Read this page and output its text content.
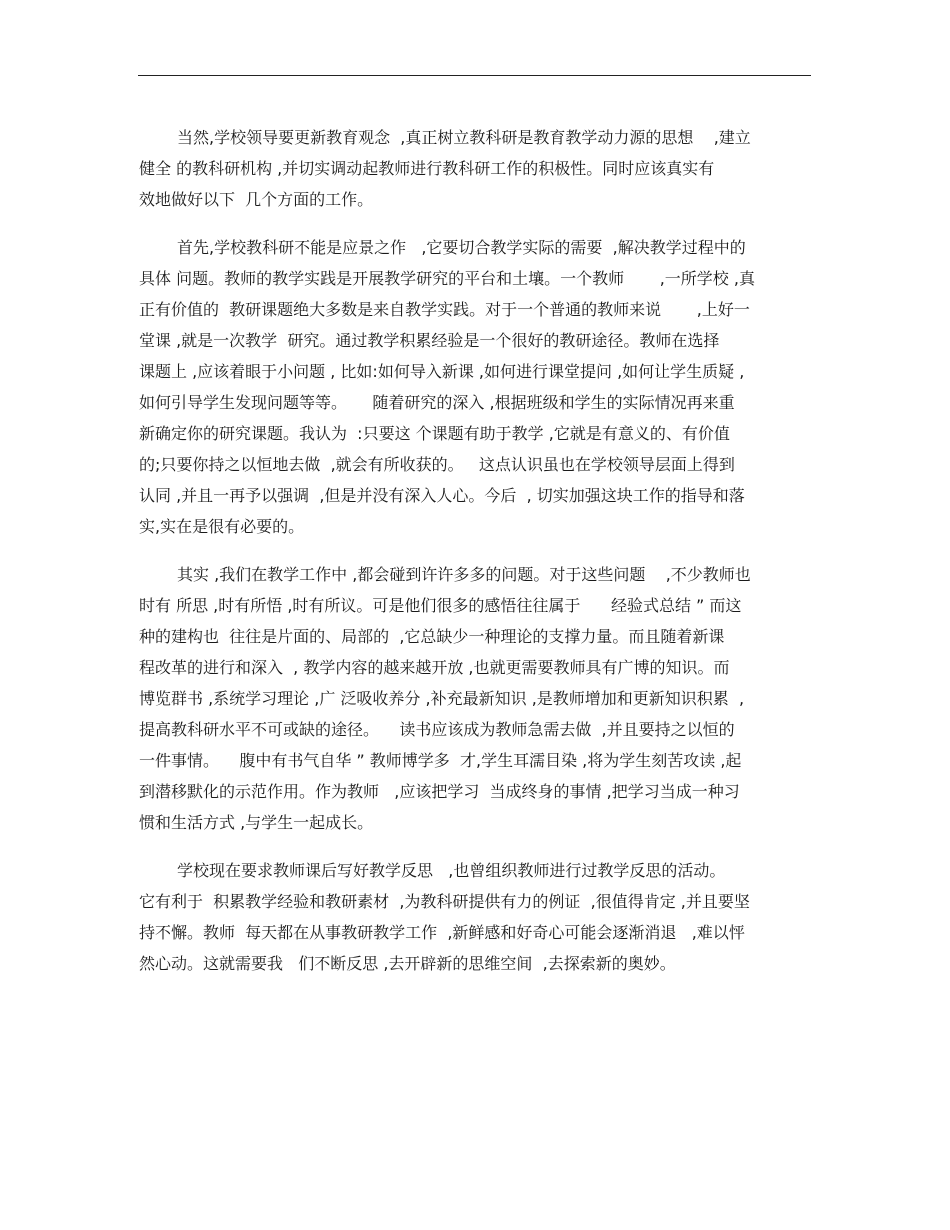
当然,学校领导要更新教育观念  ,真正树立教科研是教育教学动力源的思想    ,建立
健全 的教科研机构 ,并切实调动起教师进行教科研工作的积极性。同时应该真实有
效地做好以下  几个方面的工作。
首先,学校教科研不能是应景之作   ,它要切合教学实际的需要  ,解决教学过程中的
具体 问题。教师的教学实践是开展教学研究的平台和土壤。一个教师       ,一所学校 ,真
正有价值的  教研课题绝大多数是来自教学实践。对于一个普通的教师来说       ,上好一
堂课 ,就是一次教学  研究。通过教学积累经验是一个很好的教研途径。教师在选择
课题上 ,应该着眼于小问题 , 比如:如何导入新课 ,如何进行课堂提问 ,如何让学生质疑 ,
如何引导学生发现问题等等。     随着研究的深入 ,根据班级和学生的实际情况再来重
新确定你的研究课题。我认为  :只要这 个课题有助于教学 ,它就是有意义的、有价值
的;只要你持之以恒地去做  ,就会有所收获的。   这点认识虽也在学校领导层面上得到
认同 ,并且一再予以强调  ,但是并没有深入人心。今后  , 切实加强这块工作的指导和落
实,实在是很有必要的。
其实 ,我们在教学工作中 ,都会碰到许许多多的问题。对于这些问题    ,不少教师也
时有 所思 ,时有所悟 ,时有所议。可是他们很多的感悟往往属于      经验式总结 ” 而这
种的建构也  往往是片面的、局部的  ,它总缺少一种理论的支撑力量。而且随着新课
程改革的进行和深入  , 教学内容的越来越开放 ,也就更需要教师具有广博的知识。而
博览群书 ,系统学习理论 ,广 泛吸收养分 ,补充最新知识 ,是教师增加和更新知识积累  ,
提高教科研水平不可或缺的途径。    读书应该成为教师急需去做  ,并且要持之以恒的
一件事情。    腹中有书气自华 ” 教师博学多  才,学生耳濡目染 ,将为学生刻苦攻读 ,起
到潜移默化的示范作用。作为教师   ,应该把学习  当成终身的事情 ,把学习当成一种习
惯和生活方式 ,与学生一起成长。
学校现在要求教师课后写好教学反思   ,也曾组织教师进行过教学反思的活动。
它有利于  积累教学经验和教研素材  ,为教科研提供有力的例证  ,很值得肯定 ,并且要坚
持不懈。教师  每天都在从事教研教学工作  ,新鲜感和好奇心可能会逐渐消退   ,难以怦
然心动。这就需要我   们不断反思 ,去开辟新的思维空间  ,去探索新的奥妙。
